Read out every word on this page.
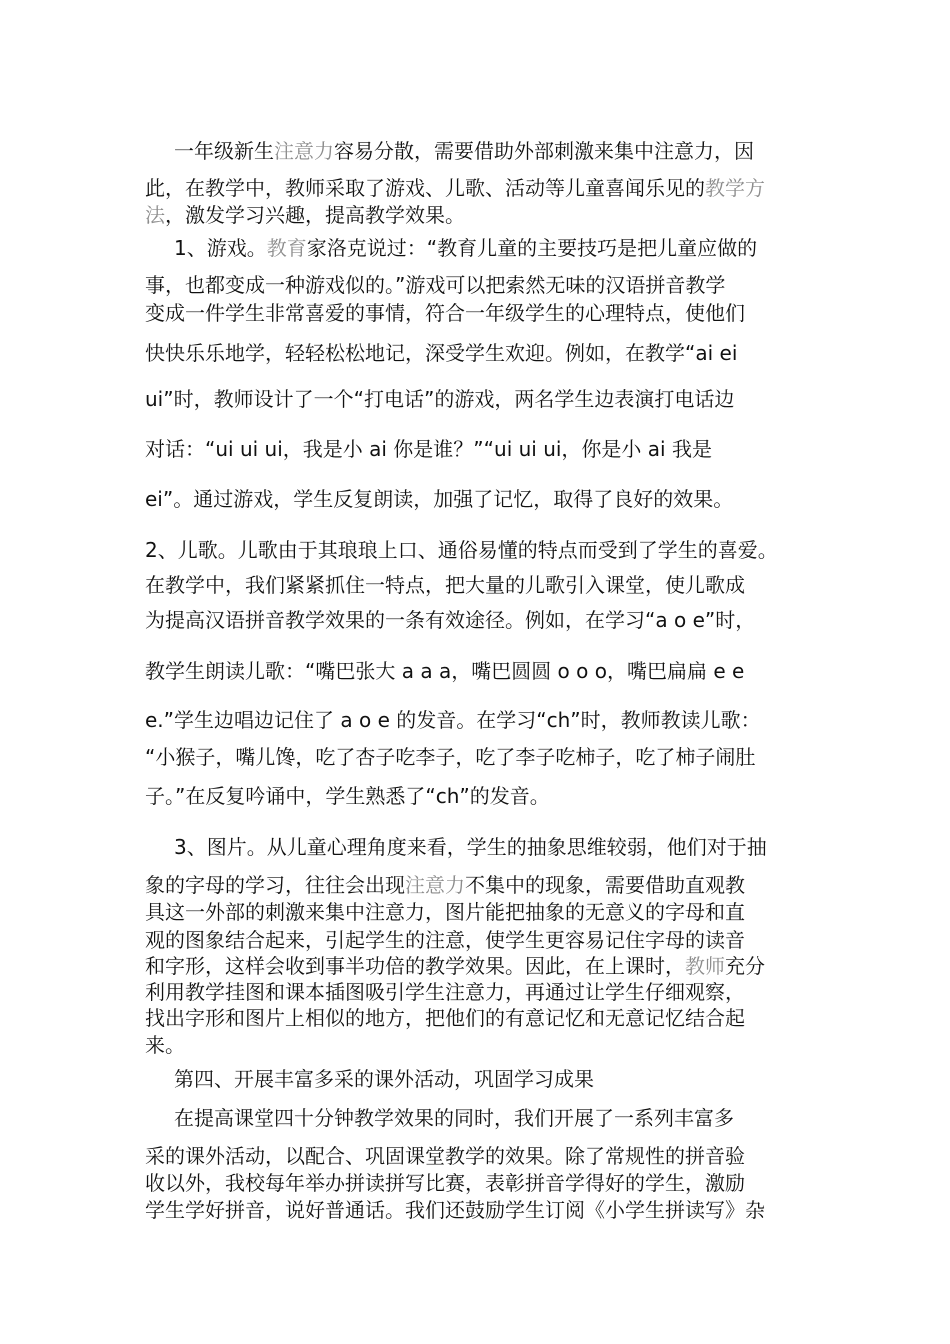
一年级新生注意力容易分散，需要借助外部刺激来集中注意力，因
此，在教学中，教师采取了游戏、儿歌、活动等儿童喜闻乐见的教学方
法，激发学习兴趣，提高教学效果。
1、游戏。教育家洛克说过：“教育儿童的主要技巧是把儿童应做的
事，也都变成一种游戏似的。”游戏可以把索然无味的汉语拼音教学
变成一件学生非常喜爱的事情，符合一年级学生的心理特点，使他们
快快乐乐地学，轻轻松松地记，深受学生欢迎。例如，在教学“ai ei
ui”时，教师设计了一个“打电话”的游戏，两名学生边表演打电话边
对话：“ui ui ui，我是小 ai 你是谁？”“ui ui ui，你是小 ai 我是
ei”。通过游戏，学生反复朗读，加强了记忆，取得了良好的效果。
2、儿歌。儿歌由于其琅琅上口、通俗易懂的特点而受到了学生的喜爱。
在教学中，我们紧紧抓住一特点，把大量的儿歌引入课堂，使儿歌成
为提高汉语拼音教学效果的一条有效途径。例如，在学习“a o e”时，
教学生朗读儿歌：“嘴巴张大 a a a，嘴巴圆圆 o o o，嘴巴扁扁 e e
e.”学生边唱边记住了 a o e 的发音。在学习“ch”时，教师教读儿歌：
“小猴子，嘴儿馋，吃了杏子吃李子，吃了李子吃柿子，吃了柿子闹肚
子。”在反复吟诵中，学生熟悉了“ch”的发音。
3、图片。从儿童心理角度来看，学生的抽象思维较弱，他们对于抽
象的字母的学习，往往会出现注意力不集中的现象，需要借助直观教
具这一外部的刺激来集中注意力，图片能把抽象的无意义的字母和直
观的图象结合起来，引起学生的注意，使学生更容易记住字母的读音
和字形，这样会收到事半功倍的教学效果。因此，在上课时，教师充分
利用教学挂图和课本插图吸引学生注意力，再通过让学生仔细观察，
找出字形和图片上相似的地方，把他们的有意记忆和无意记忆结合起
来。
第四、开展丰富多采的课外活动，巩固学习成果
在提高课堂四十分钟教学效果的同时，我们开展了一系列丰富多
采的课外活动，以配合、巩固课堂教学的效果。除了常规性的拼音验
收以外，我校每年举办拼读拼写比赛，表彰拼音学得好的学生，激励
学生学好拼音，说好普通话。我们还鼓励学生订阅《小学生拼读写》杂
